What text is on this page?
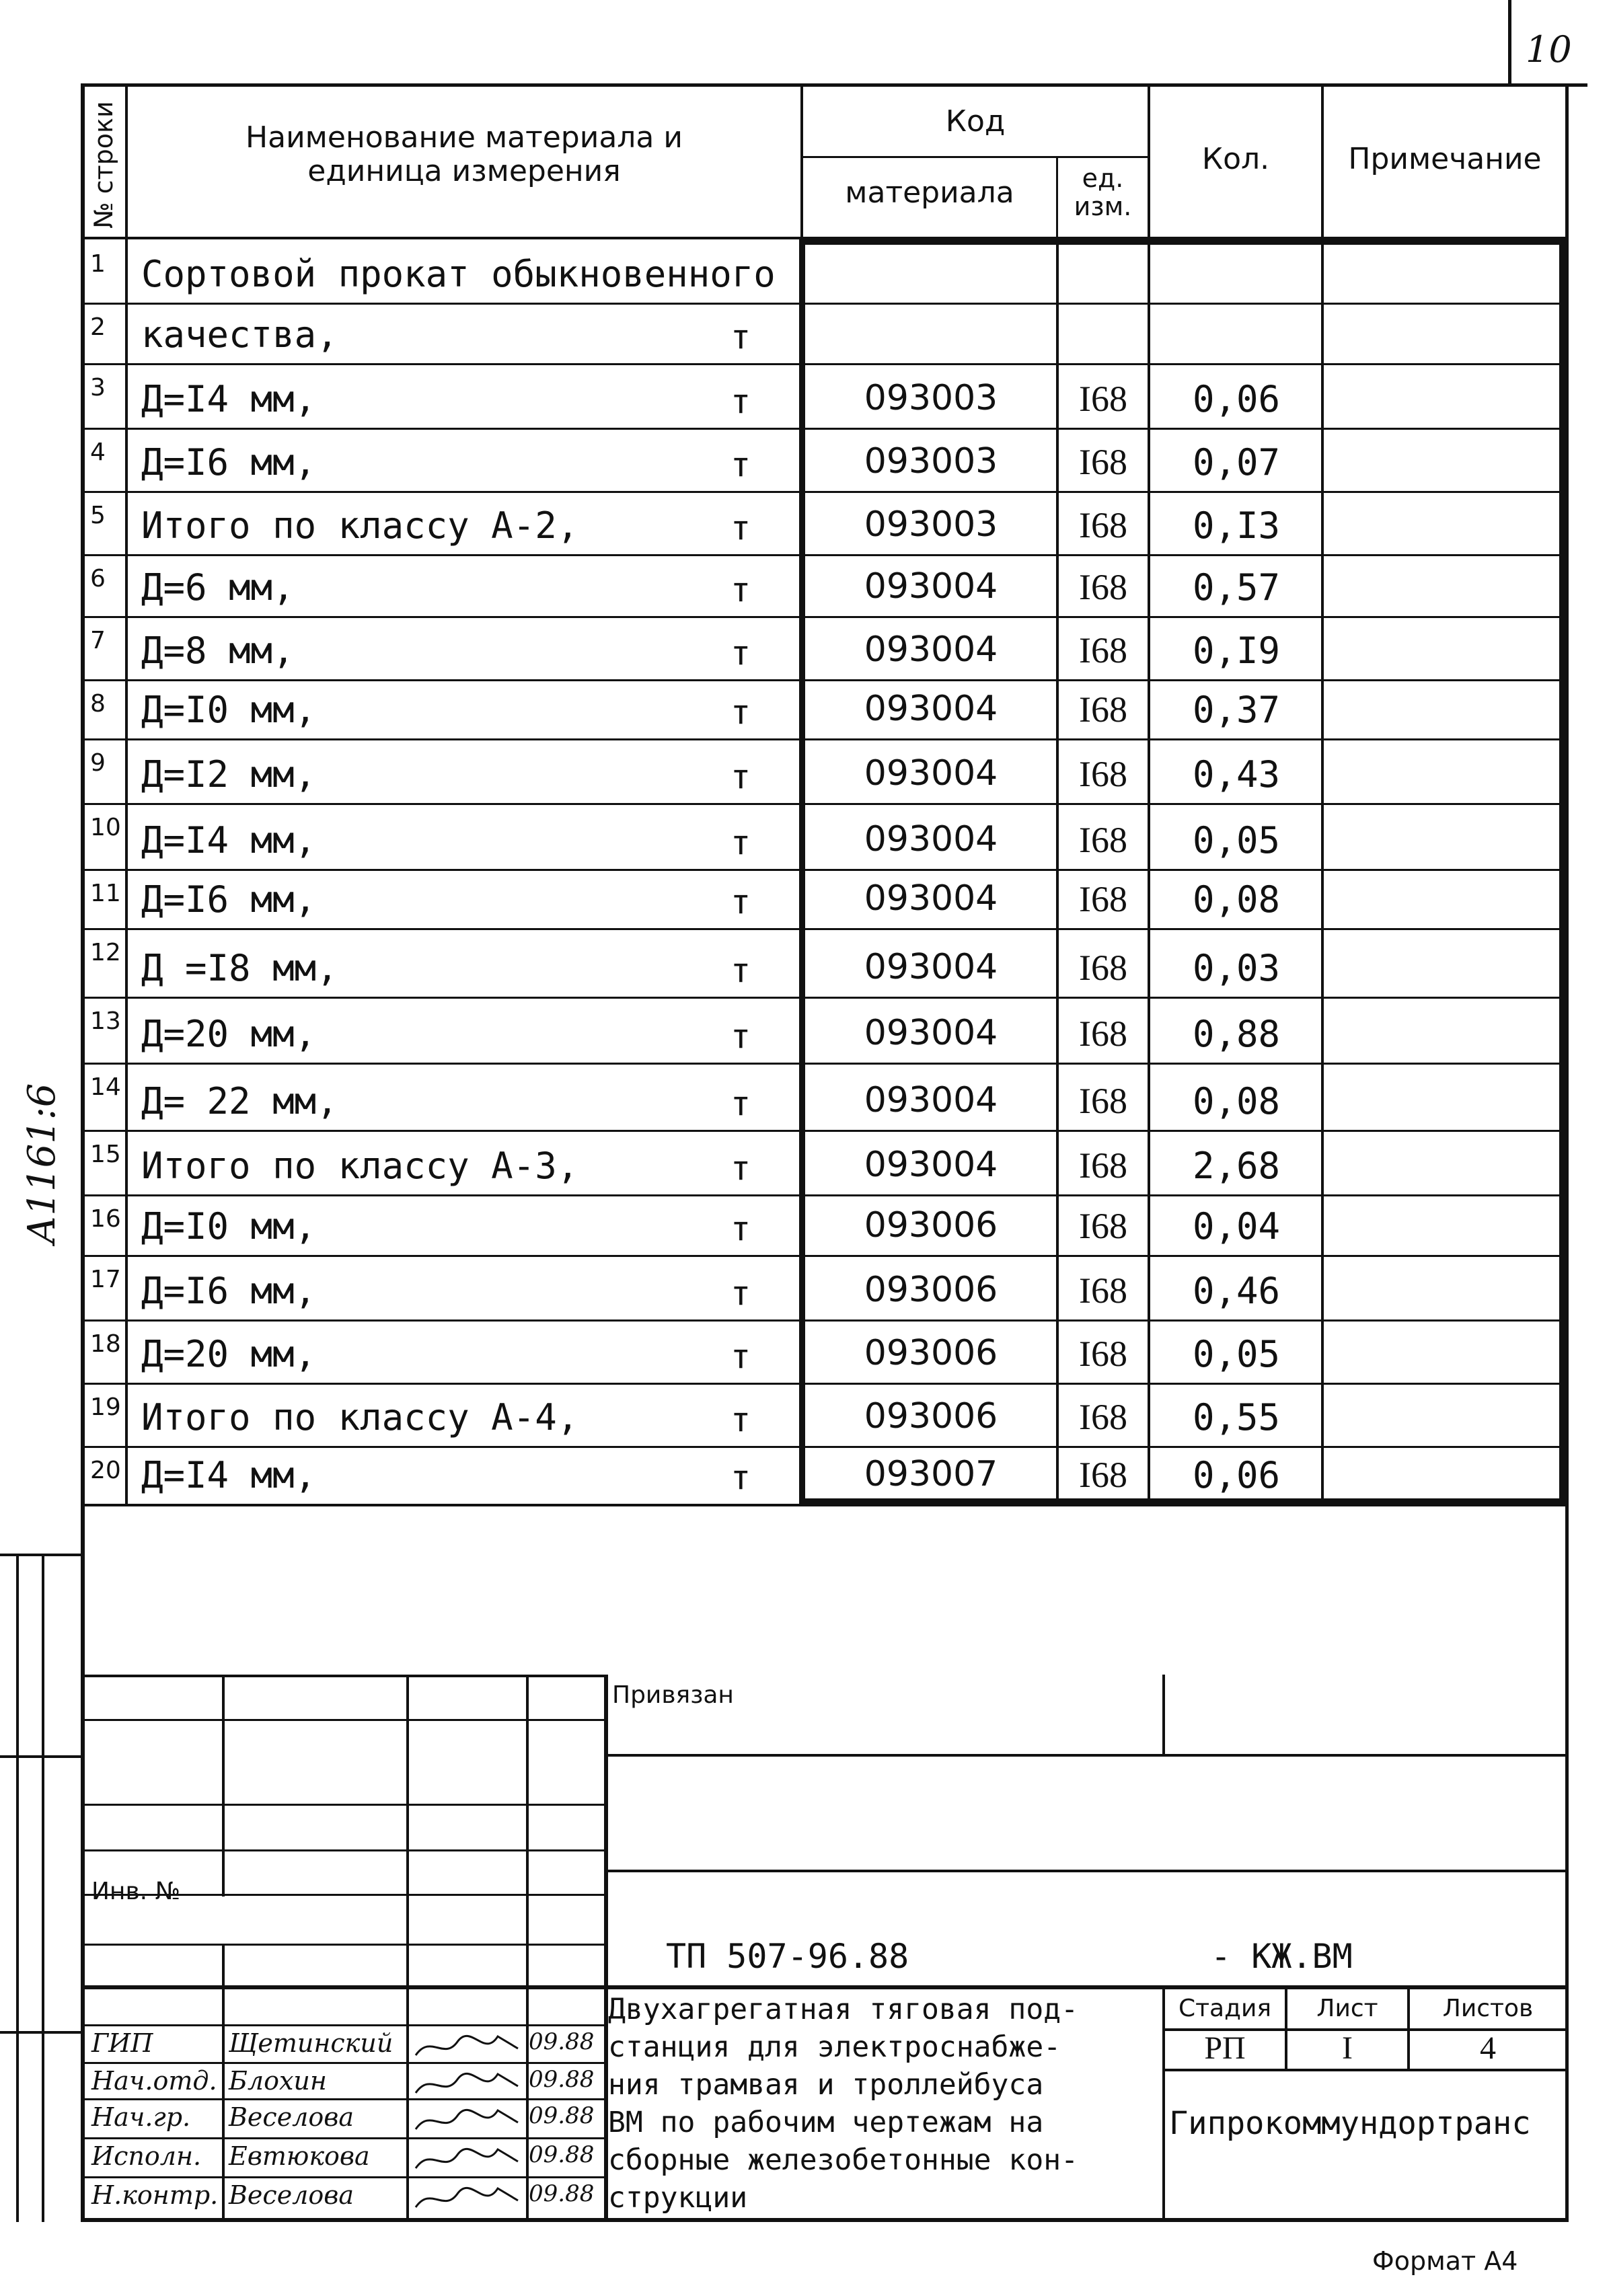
10
№ строки	Наименование материала и
единица измерения
Код
материала	ед.
изм.
Кол.	Примечание
1 Сортовой прокат обыкновенного
2 качества,	т
3 Д=I4 мм,	т	093003	I68	0,06
4 Д=I6 мм,	т	093003	I68	0,07
5 Итого по классу А-2,	т	093003	I68	0,I3
6 Д=6 мм,	т	093004	I68	0,57
7 Д=8 мм,	т	093004	I68	0,I9
8 Д=I0 мм,	т	093004	I68	0,37
9 Д=I2 мм,	т	093004	I68	0,43
10 Д=I4 мм,	т	093004	I68	0,05
11 Д=I6 мм,	т	093004	I68	0,08
12 Д =I8 мм,	т	093004	I68	0,03
13 Д=20 мм,	т	093004	I68	0,88
14 Д= 22 мм,	т	093004	I68	0,08
15 Итого по классу А-3,	т	093004	I68	2,68
16 Д=I0 мм,	т	093006	I68	0,04
17 Д=I6 мм,	т	093006	I68	0,46
18 Д=20 мм,	т	093006	I68	0,05
19 Итого по классу А-4,	т	093006	I68	0,55
20 Д=I4 мм,	т	093007	I68	0,06
А1161:6
Привязан
Инв. №
ТП 507-96.88	- КЖ.ВМ
Двухагрегатная тяговая под-
станция для электроснабже-
ния трамвая и троллейбуса
ВМ по рабочим чертежам на
сборные железобетонные кон-
струкции
Стадия	Лист	Листов
РП	I	4
Гипрокоммундортранс
ГИП	Щетинский	09.88
Нач.отд. Блохин	09.88
Нач.гр. Веселова	09.88
Исполн. Евтюкова	09.88
Н.контр. Веселова	09.88
Формат А4
